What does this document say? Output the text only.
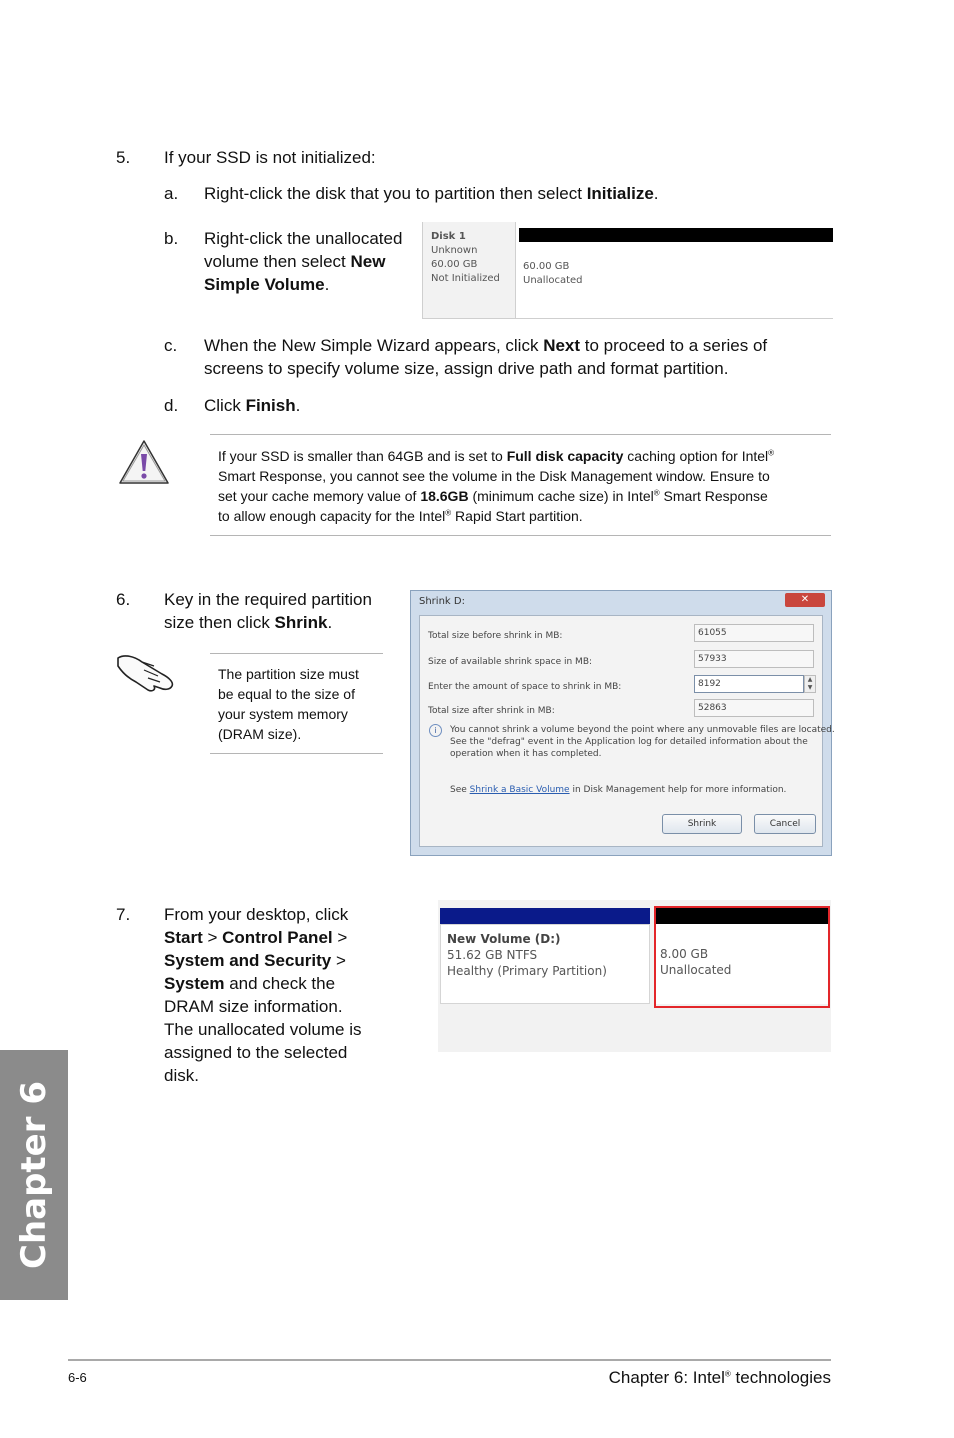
5. If your SSD is not initialized:
a. Right-click the disk that you to partition then select Initialize.
b. Right-click the unallocated
volume then select New
Simple Volume.
Disk 1
Unknown
60.00 GB
Not Initialized
60.00 GB
Unallocated
c. When the New Simple Wizard appears, click Next to proceed to a series of
screens to specify volume size, assign drive path and format partition.
d. Click Finish.
If your SSD is smaller than 64GB and is set to Full disk capacity caching option for Intel®
Smart Response, you cannot see the volume in the Disk Management window. Ensure to
set your cache memory value of 18.6GB (minimum cache size) in Intel® Smart Response
to allow enough capacity for the Intel® Rapid Start partition.
6. Key in the required partition
size then click Shrink.
The partition size must
be equal to the size of
your system memory
(DRAM size).
Shrink D:	✕
Total size before shrink in MB:	61055
Size of available shrink space in MB:	57933
Enter the amount of space to shrink in MB:	8192	▲
▼
Total size after shrink in MB:	52863
i	You cannot shrink a volume beyond the point where any unmovable files are located.
See the "defrag" event in the Application log for detailed information about the
operation when it has completed.
See Shrink a Basic Volume in Disk Management help for more information.
Shrink	Cancel
7. From your desktop, click
Start > Control Panel >
System and Security >
System and check the
DRAM size information.
The unallocated volume is
assigned to the selected
disk.
New Volume (D:)
51.62 GB NTFS
Healthy (Primary Partition)
8.00 GB
Unallocated
Chapter 6
6-6	Chapter 6: Intel® technologies
